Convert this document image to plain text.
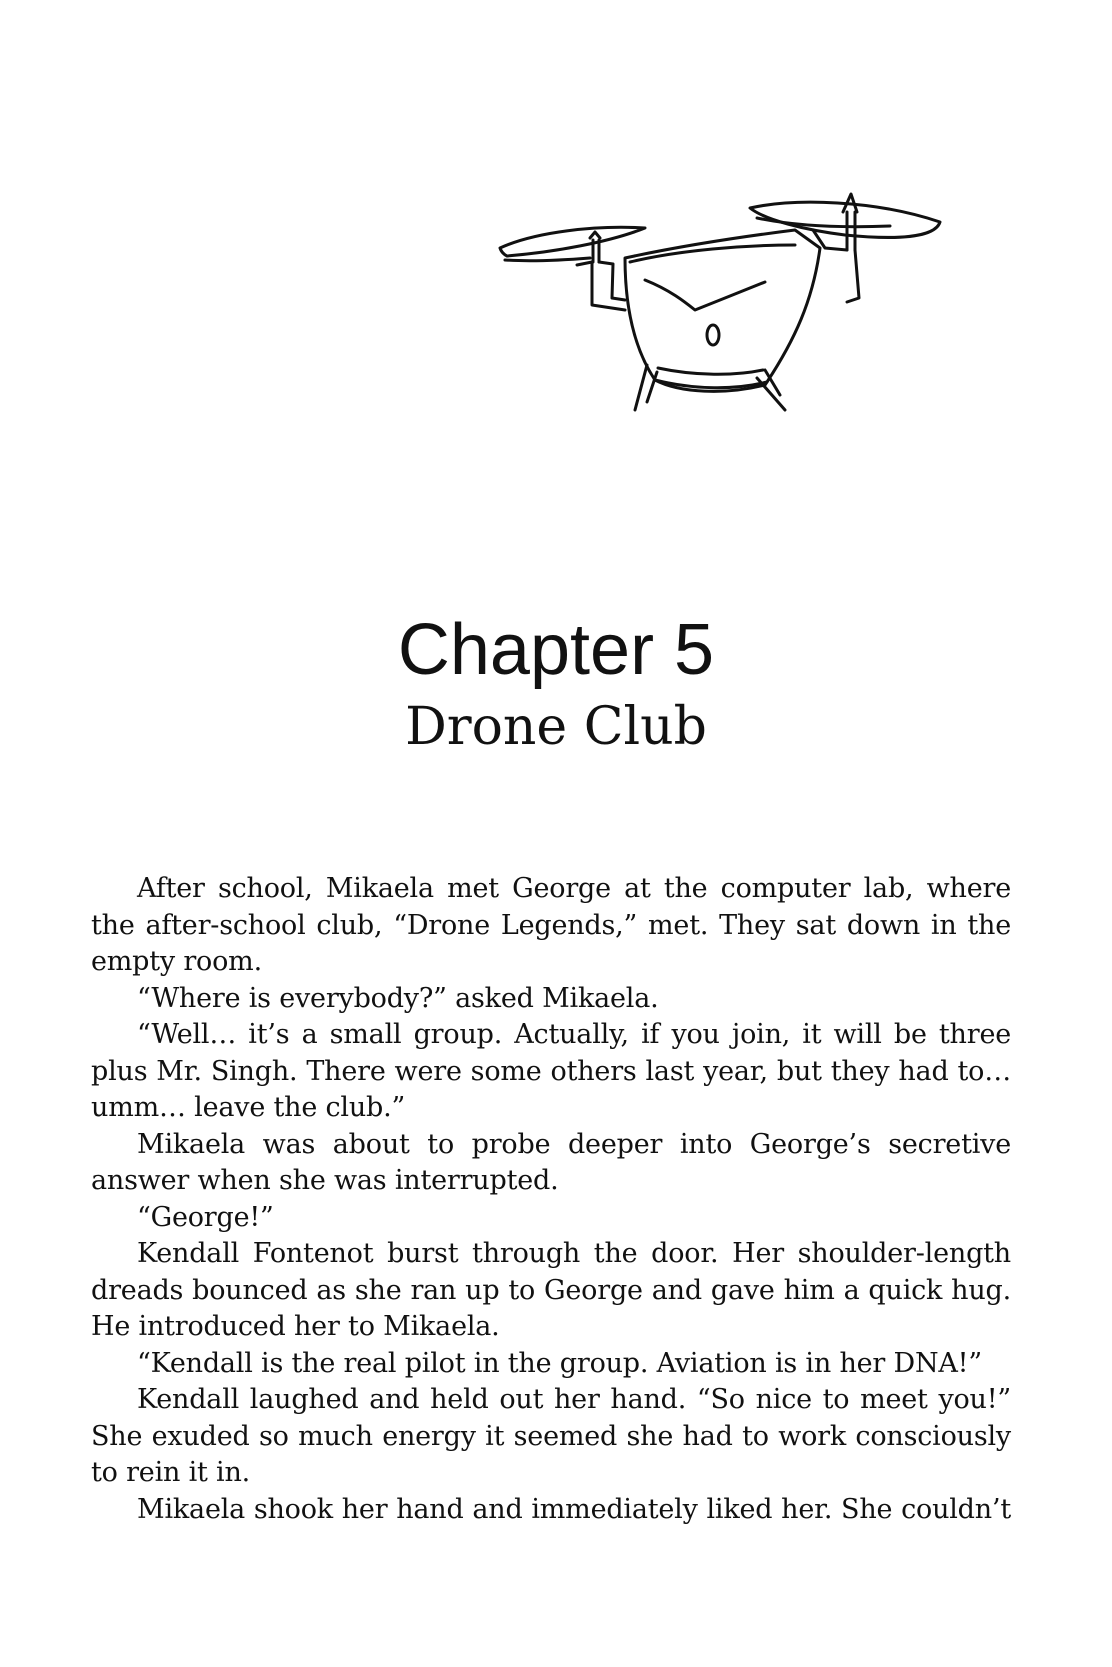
Chapter 5
Drone Club

After school, Mikaela met George at the computer lab, where the after-school club, “Drone Legends,” met. They sat down in the empty room.

“Where is everybody?” asked Mikaela.

“Well… it’s a small group. Actually, if you join, it will be three plus Mr. Singh. There were some others last year, but they had to… umm… leave the club.”

Mikaela was about to probe deeper into George’s secretive answer when she was interrupted.

“George!”

Kendall Fontenot burst through the door. Her shoulder-length dreads bounced as she ran up to George and gave him a quick hug. He introduced her to Mikaela.

“Kendall is the real pilot in the group. Aviation is in her DNA!”

Kendall laughed and held out her hand. “So nice to meet you!” She exuded so much energy it seemed she had to work consciously to rein it in.

Mikaela shook her hand and immediately liked her. She couldn’t
